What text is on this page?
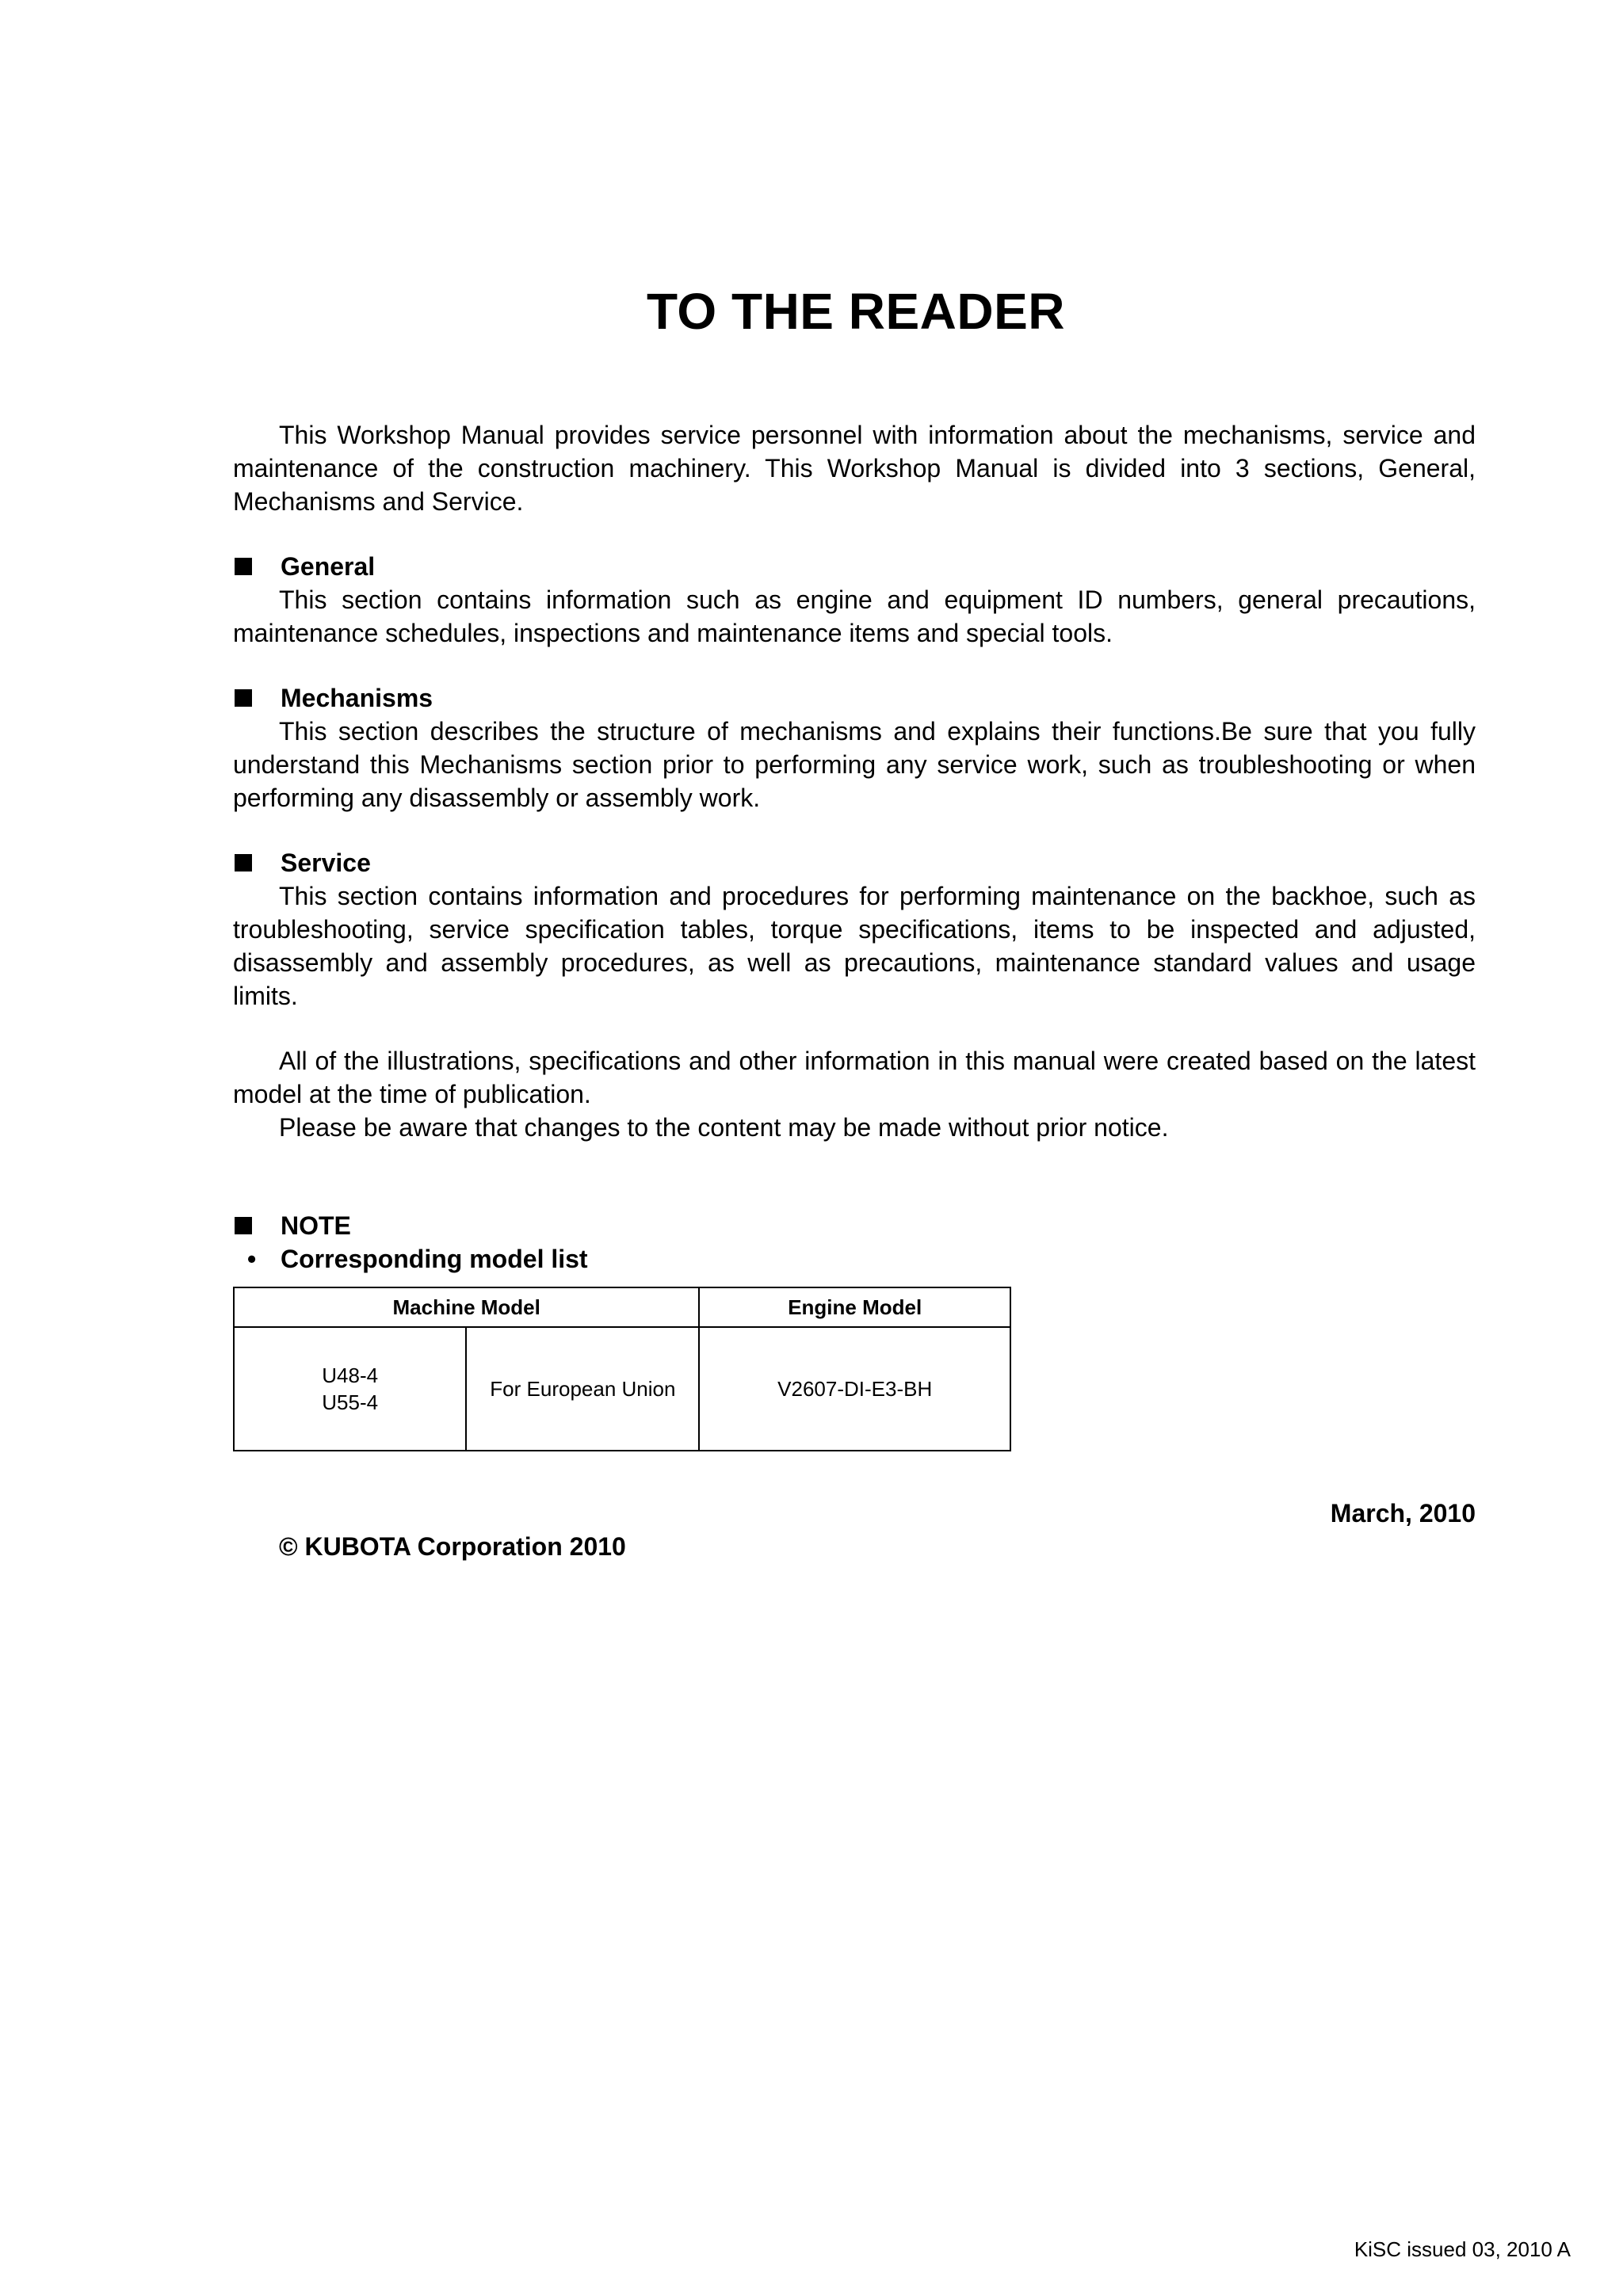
TO THE READER

This Workshop Manual provides service personnel with information about the mechanisms, service and maintenance of the construction machinery. This Workshop Manual is divided into 3 sections, General, Mechanisms and Service.

General

This section contains information such as engine and equipment ID numbers, general precautions, maintenance schedules, inspections and maintenance items and special tools.

Mechanisms

This section describes the structure of mechanisms and explains their functions.Be sure that you fully understand this Mechanisms section prior to performing any service work, such as troubleshooting or when performing any disassembly or assembly work.

Service

This section contains information and procedures for performing maintenance on the backhoe, such as troubleshooting, service specification tables, torque specifications, items to be inspected and adjusted, disassembly and assembly procedures, as well as precautions, maintenance standard values and usage limits.

All of the illustrations, specifications and other information in this manual were created based on the latest model at the time of publication.

Please be aware that changes to the content may be made without prior notice.

NOTE
• Corresponding model list
Machine Model		Engine Model

U48-4
U55-4	For European Union	V2607-DI-E3-BH
March, 2010
© KUBOTA Corporation 2010
KiSC issued 03, 2010 A
